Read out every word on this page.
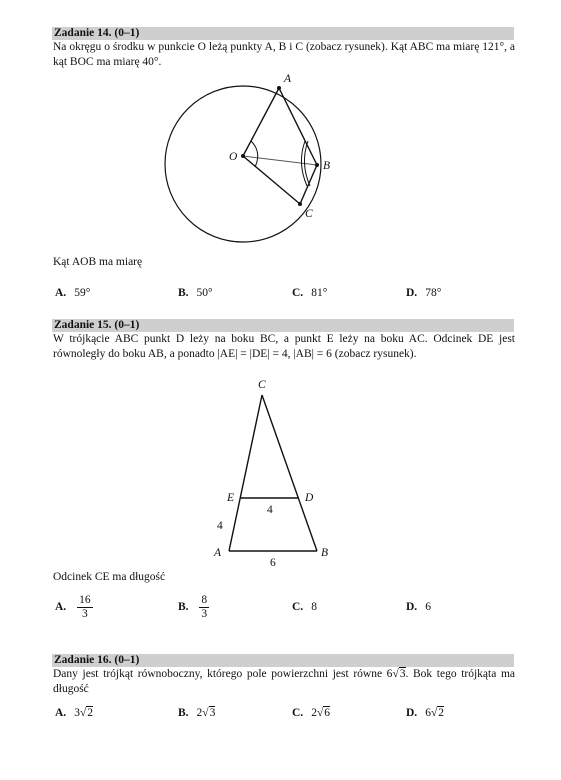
Zadanie 14. (0–1)
Na okręgu o środku w punkcie O leżą punkty A, B i C (zobacz rysunek). Kąt ABC ma miarę 121°, a kąt BOC ma miarę 40°.
A
O
B
C
Kąt AOB ma miarę
A. 59°	B. 50°	C. 81°	D. 78°
Zadanie 15. (0–1)
W trójkącie ABC punkt D leży na boku BC, a punkt E leży na boku AC. Odcinek DE jest równoległy do boku AB, a ponadto |AE| = |DE| = 4, |AB| = 6 (zobacz rysunek).
C
E	D
A	B
4
4
6
Odcinek CE ma długość
A. $\frac{16}{3}$	B. $\frac{8}{3}$	C. 8	D. 6
Zadanie 16. (0–1)
Dany jest trójkąt równoboczny, którego pole powierzchni jest równe 6√3. Bok tego trójkąta ma długość
A. 3√2	B. 2√3	C. 2√6	D. 6√2
